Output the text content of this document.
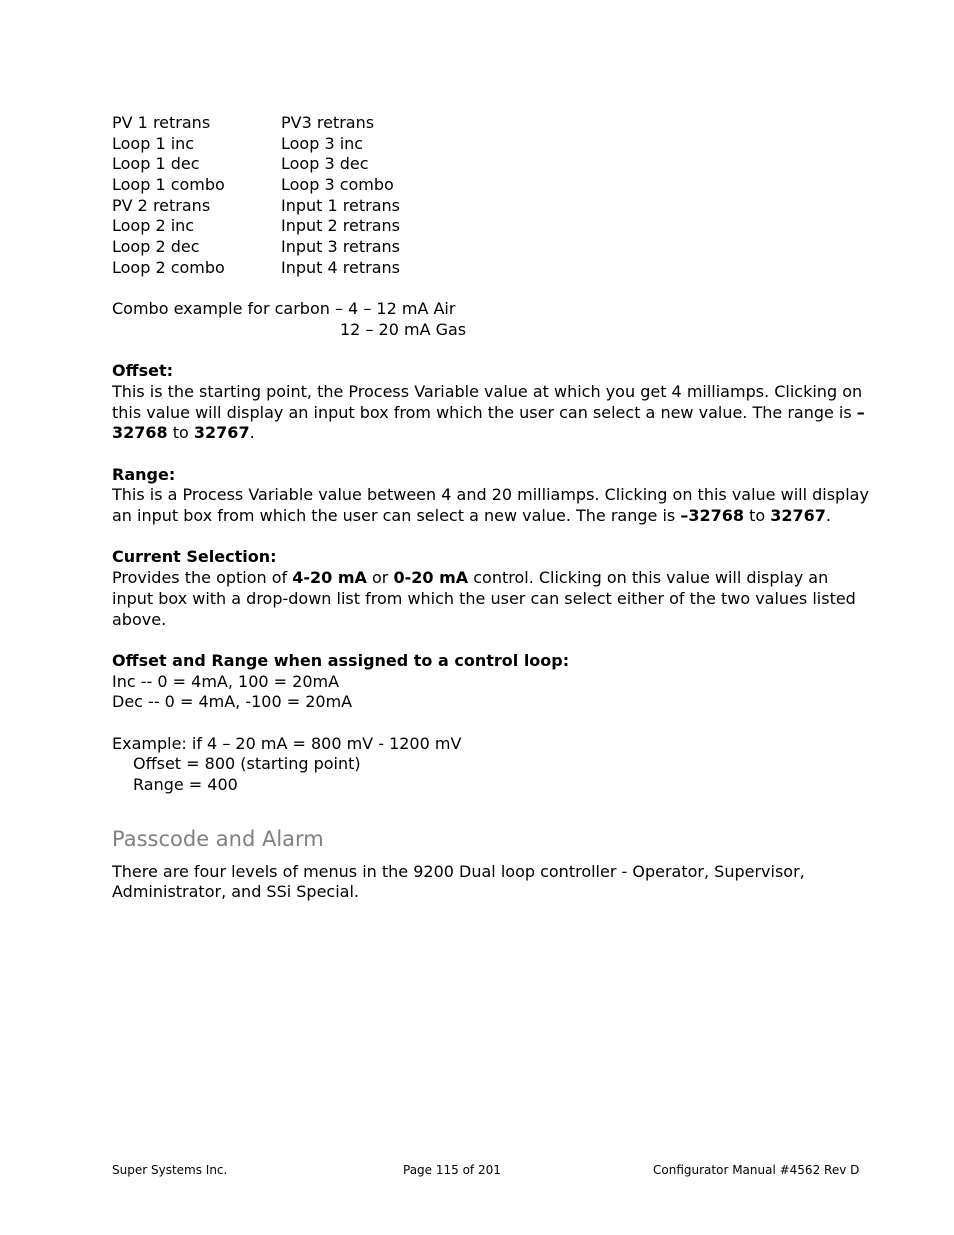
PV 1 retrans	PV3 retrans
Loop 1 inc	Loop 3 inc
Loop 1 dec	Loop 3 dec
Loop 1 combo	Loop 3 combo
PV 2 retrans	Input 1 retrans
Loop 2 inc	Input 2 retrans
Loop 2 dec	Input 3 retrans
Loop 2 combo	Input 4 retrans
Combo example for carbon – 4 – 12 mA Air
12 – 20 mA Gas
Offset:
This is the starting point, the Process Variable value at which you get 4 milliamps. Clicking on
this value will display an input box from which the user can select a new value. The range is –
32768 to 32767.
Range:
This is a Process Variable value between 4 and 20 milliamps. Clicking on this value will display
an input box from which the user can select a new value. The range is –32768 to 32767.
Current Selection:
Provides the option of 4-20 mA or 0-20 mA control. Clicking on this value will display an
input box with a drop-down list from which the user can select either of the two values listed
above.
Offset and Range when assigned to a control loop:
Inc -- 0 = 4mA, 100 = 20mA
Dec -- 0 = 4mA, -100 = 20mA
Example: if 4 – 20 mA = 800 mV - 1200 mV
Offset = 800 (starting point)
Range = 400
Passcode and Alarm
There are four levels of menus in the 9200 Dual loop controller - Operator, Supervisor,
Administrator, and SSi Special.
Super Systems Inc.	Page 115 of 201	Configurator Manual #4562 Rev D
